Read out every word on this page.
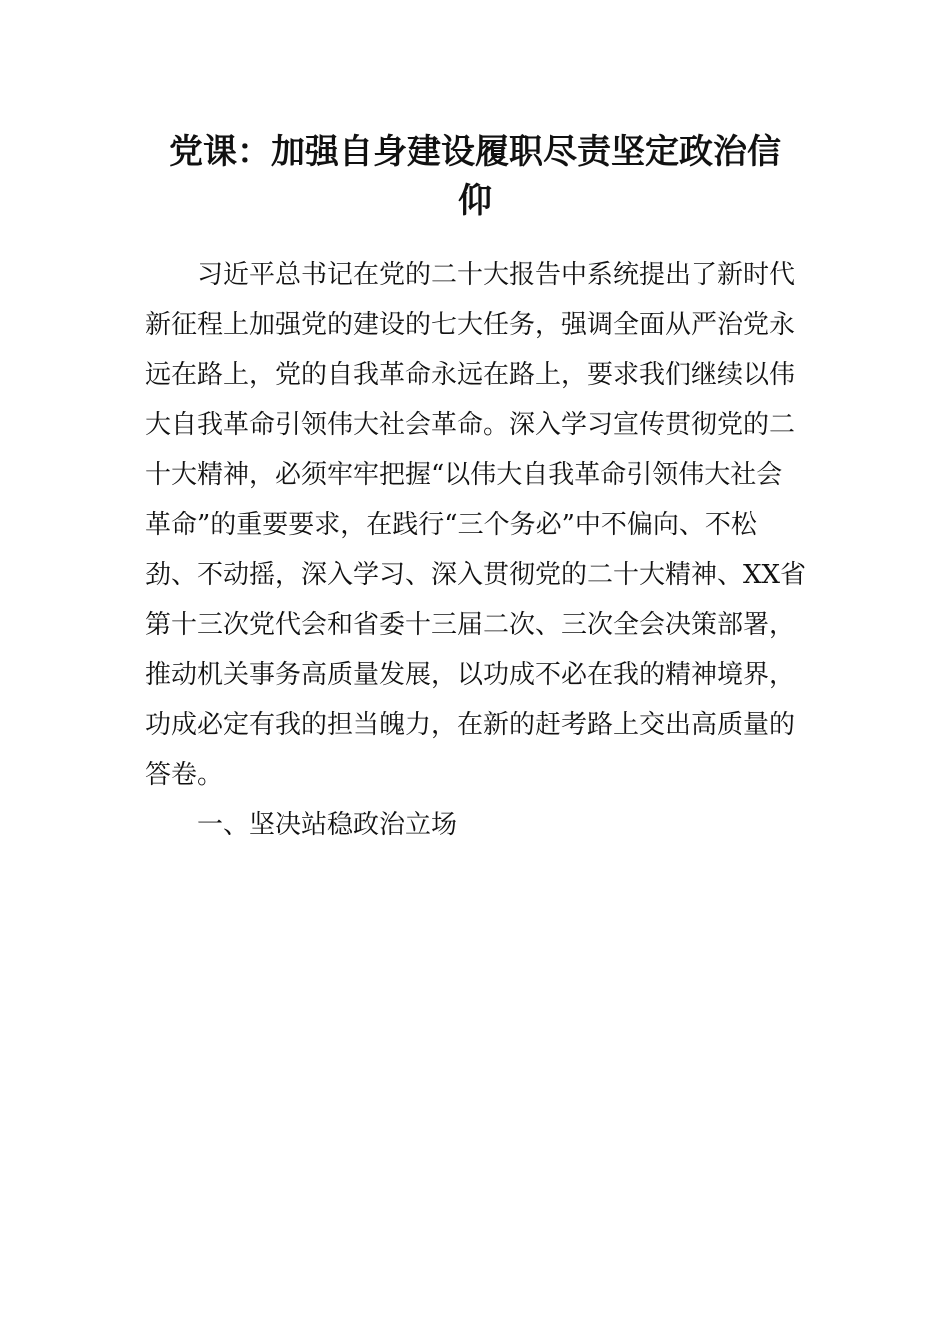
党课：加强自身建设履职尽责坚定政治信
仰

　　习近平总书记在党的二十大报告中系统提出了新时代

新征程上加强党的建设的七大任务，强调全面从严治党永

远在路上，党的自我革命永远在路上，要求我们继续以伟

大自我革命引领伟大社会革命。深入学习宣传贯彻党的二

十大精神，必须牢牢把握“以伟大自我革命引领伟大社会

革命”的重要要求，在践行“三个务必”中不偏向、不松

劲、不动摇，深入学习、深入贯彻党的二十大精神、XX省

第十三次党代会和省委十三届二次、三次全会决策部署，

推动机关事务高质量发展，以功成不必在我的精神境界，

功成必定有我的担当魄力，在新的赶考路上交出高质量的

答卷。

　　一、坚决站稳政治立场
